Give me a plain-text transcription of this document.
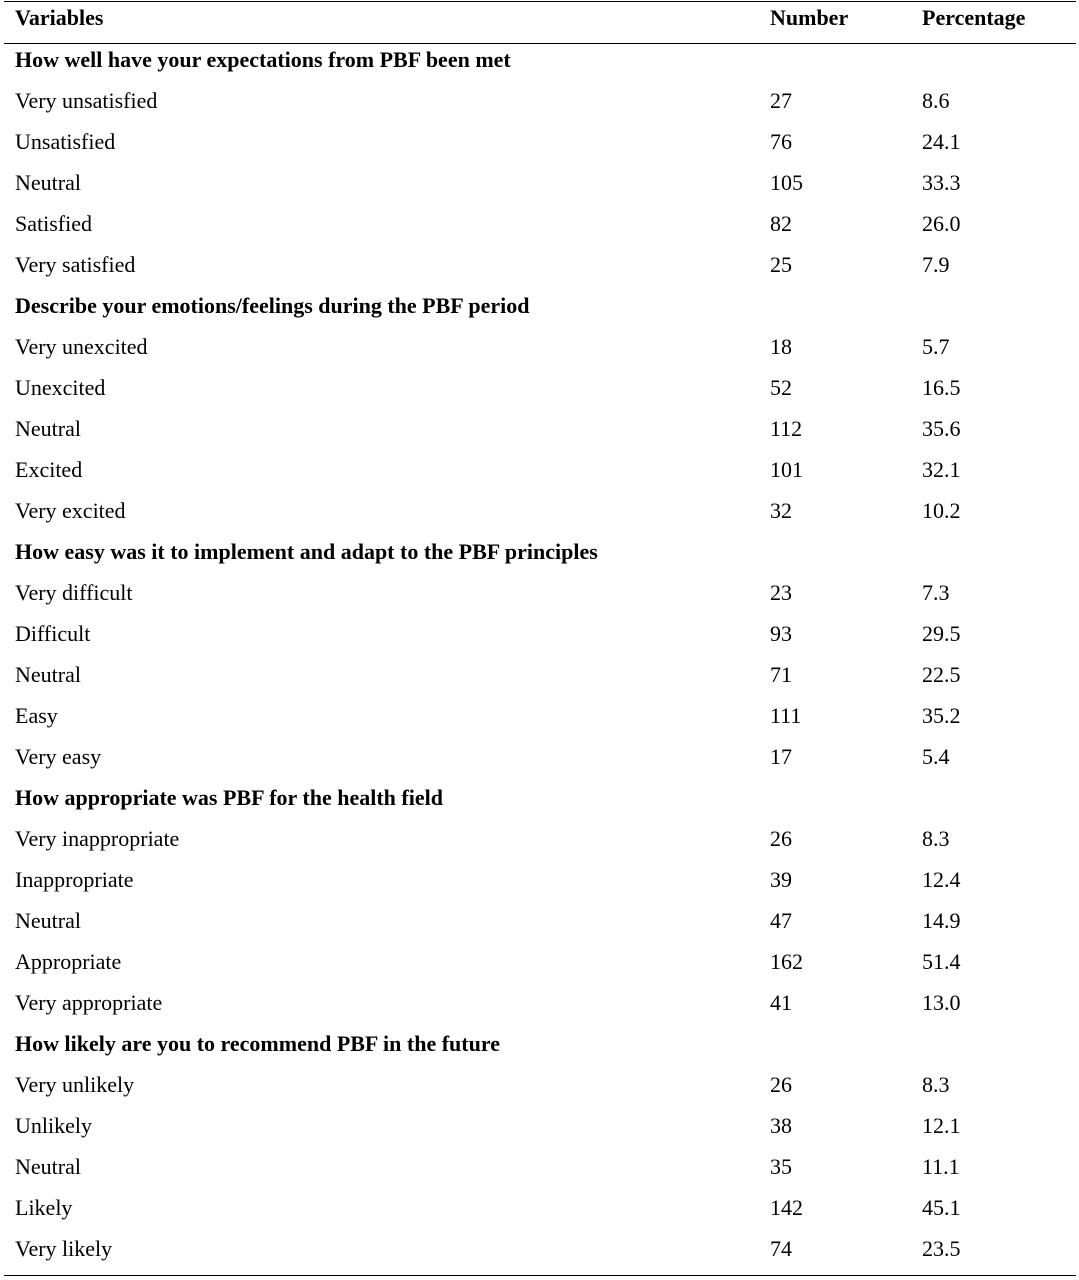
Variables	Number	Percentage
How well have your expectations from PBF been met
Very unsatisfied	27	8.6
Unsatisfied	76	24.1
Neutral	105	33.3
Satisfied	82	26.0
Very satisfied	25	7.9
Describe your emotions/feelings during the PBF period
Very unexcited	18	5.7
Unexcited	52	16.5
Neutral	112	35.6
Excited	101	32.1
Very excited	32	10.2
How easy was it to implement and adapt to the PBF principles
Very difficult	23	7.3
Difficult	93	29.5
Neutral	71	22.5
Easy	111	35.2
Very easy	17	5.4
How appropriate was PBF for the health field
Very inappropriate	26	8.3
Inappropriate	39	12.4
Neutral	47	14.9
Appropriate	162	51.4
Very appropriate	41	13.0
How likely are you to recommend PBF in the future
Very unlikely	26	8.3
Unlikely	38	12.1
Neutral	35	11.1
Likely	142	45.1
Very likely	74	23.5
